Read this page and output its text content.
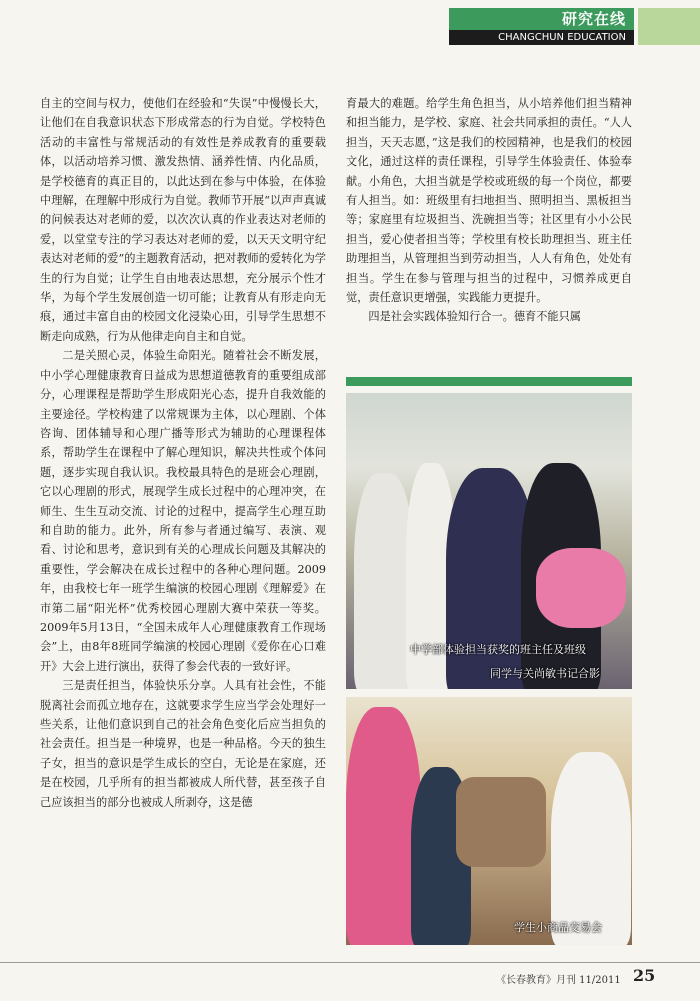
研究在线
CHANGCHUN EDUCATION

自主的空间与权力，使他们在经验和“失误”中慢慢长大，让他们在自我意识状态下形成常态的行为自觉。学校特色活动的丰富性与常规活动的有效性是养成教育的重要载体，以活动培养习惯、激发热情、涵养性情、内化品质，是学校德育的真正目的，以此达到在参与中体验，在体验中理解，在理解中形成行为自觉。教师节开展“以声声真诚的问候表达对老师的爱，以次次认真的作业表达对老师的爱，以堂堂专注的学习表达对老师的爱，以天天文明守纪表达对老师的爱”的主题教育活动，把对教师的爱转化为学生的行为自觉；让学生自由地表达思想，充分展示个性才华，为每个学生发展创造一切可能；让教育从有形走向无痕，通过丰富自由的校园文化浸染心田，引导学生思想不断走向成熟，行为从他律走向自主和自觉。

二是关照心灵，体验生命阳光。随着社会不断发展，中小学心理健康教育日益成为思想道德教育的重要组成部分，心理课程是帮助学生形成阳光心态，提升自我效能的主要途径。学校构建了以常规课为主体，以心理剧、个体咨询、团体辅导和心理广播等形式为辅助的心理课程体系，帮助学生在课程中了解心理知识，解决共性或个体问题，逐步实现自我认识。我校最具特色的是班会心理剧，它以心理剧的形式，展现学生成长过程中的心理冲突，在师生、生生互动交流、讨论的过程中，提高学生心理互助和自助的能力。此外，所有参与者通过编写、表演、观看、讨论和思考，意识到有关的心理成长问题及其解决的重要性，学会解决在成长过程中的各种心理问题。2009年，由我校七年一班学生编演的校园心理剧《理解爱》在市第二届“阳光杯”优秀校园心理剧大赛中荣获一等奖。2009年5月13日，“全国未成年人心理健康教育工作现场会”上，由8年8班同学编演的校园心理剧《爱你在心口难开》大会上进行演出，获得了参会代表的一致好评。

三是责任担当，体验快乐分享。人具有社会性，不能脱离社会而孤立地存在，这就要求学生应当学会处理好一些关系，让他们意识到自己的社会角色变化后应当担负的社会责任。担当是一种境界，也是一种品格。今天的独生子女，担当的意识是学生成长的空白，无论是在家庭，还是在校园，几乎所有的担当都被成人所代替，甚至孩子自己应该担当的部分也被成人所剥夺，这是德

育最大的难题。给学生角色担当，从小培养他们担当精神和担当能力，是学校、家庭、社会共同承担的责任。“人人担当，天天志愿，”这是我们的校园精神，也是我们的校园文化，通过这样的责任课程，引导学生体验责任、体验奉献。小角色，大担当就是学校或班级的每一个岗位，都要有人担当。如：班级里有扫地担当、照明担当、黑板担当等；家庭里有垃圾担当、洗碗担当等；社区里有小小公民担当，爱心使者担当等；学校里有校长助理担当、班主任助理担当，从管理担当到劳动担当，人人有角色，处处有担当。学生在参与管理与担当的过程中，习惯养成更自觉，责任意识更增强，实践能力更提升。

四是社会实践体验知行合一。德育不能只属

中学部体验担当获奖的班主任及班级
同学与关尚敏书记合影
学生小商品交易会
《长春教育》月刊 11/2011 25
